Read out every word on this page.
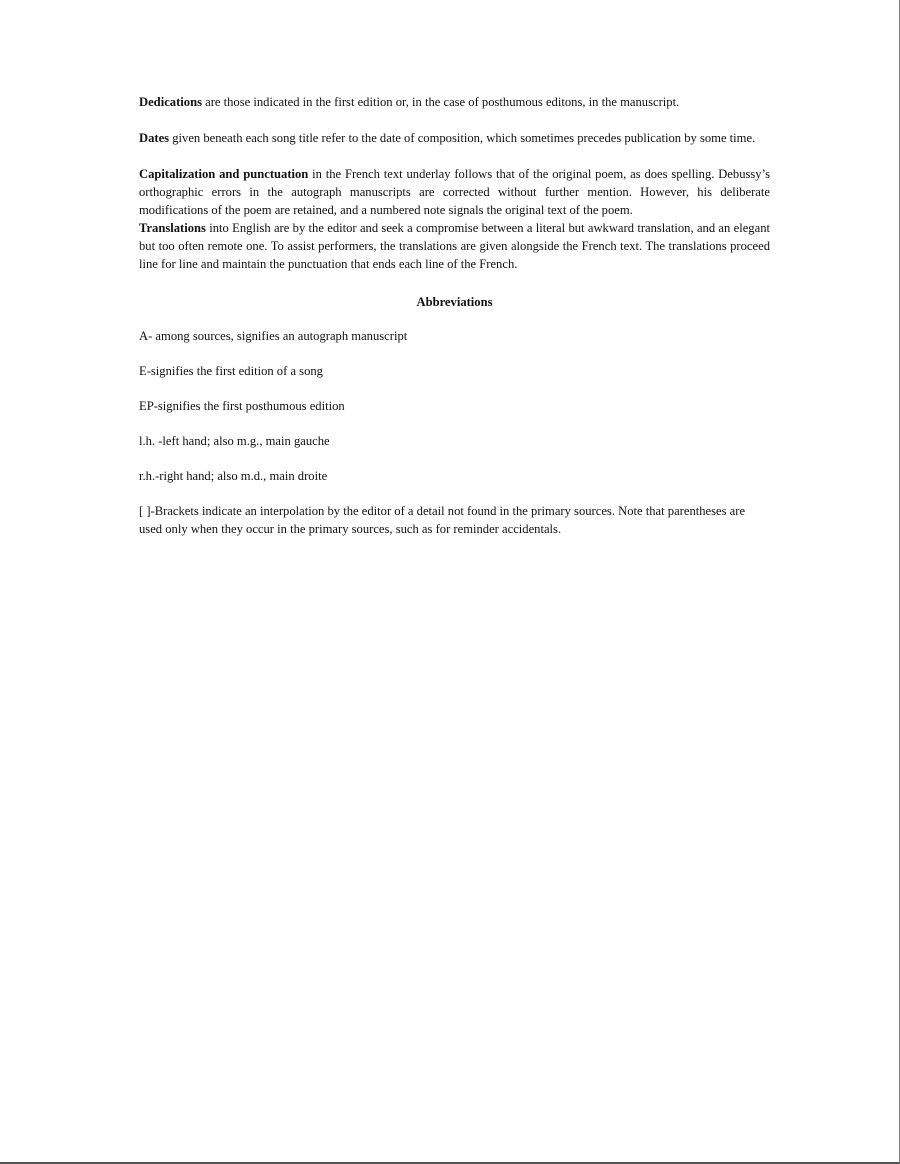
Dedications are those indicated in the first edition or, in the case of posthumous editons, in the manuscript.

Dates given beneath each song title refer to the date of composition, which sometimes precedes publication by some time.

Capitalization and punctuation in the French text underlay follows that of the original poem, as does spelling. Debussy’s orthographic errors in the autograph manuscripts are corrected without further mention. However, his deliberate modifications of the poem are retained, and a numbered note signals the original text of the poem.

Translations into English are by the editor and seek a compromise between a literal but awkward translation, and an elegant but too often remote one. To assist performers, the translations are given alongside the French text. The translations proceed line for line and maintain the punctuation that ends each line of the French.

Abbreviations

A- among sources, signifies an autograph manuscript

E-signifies the first edition of a song

EP-signifies the first posthumous edition

l.h. -left hand; also m.g., main gauche

r.h.-right hand; also m.d., main droite

[ ]-Brackets indicate an interpolation by the editor of a detail not found in the primary sources. Note that parentheses are used only when they occur in the primary sources, such as for reminder accidentals.
